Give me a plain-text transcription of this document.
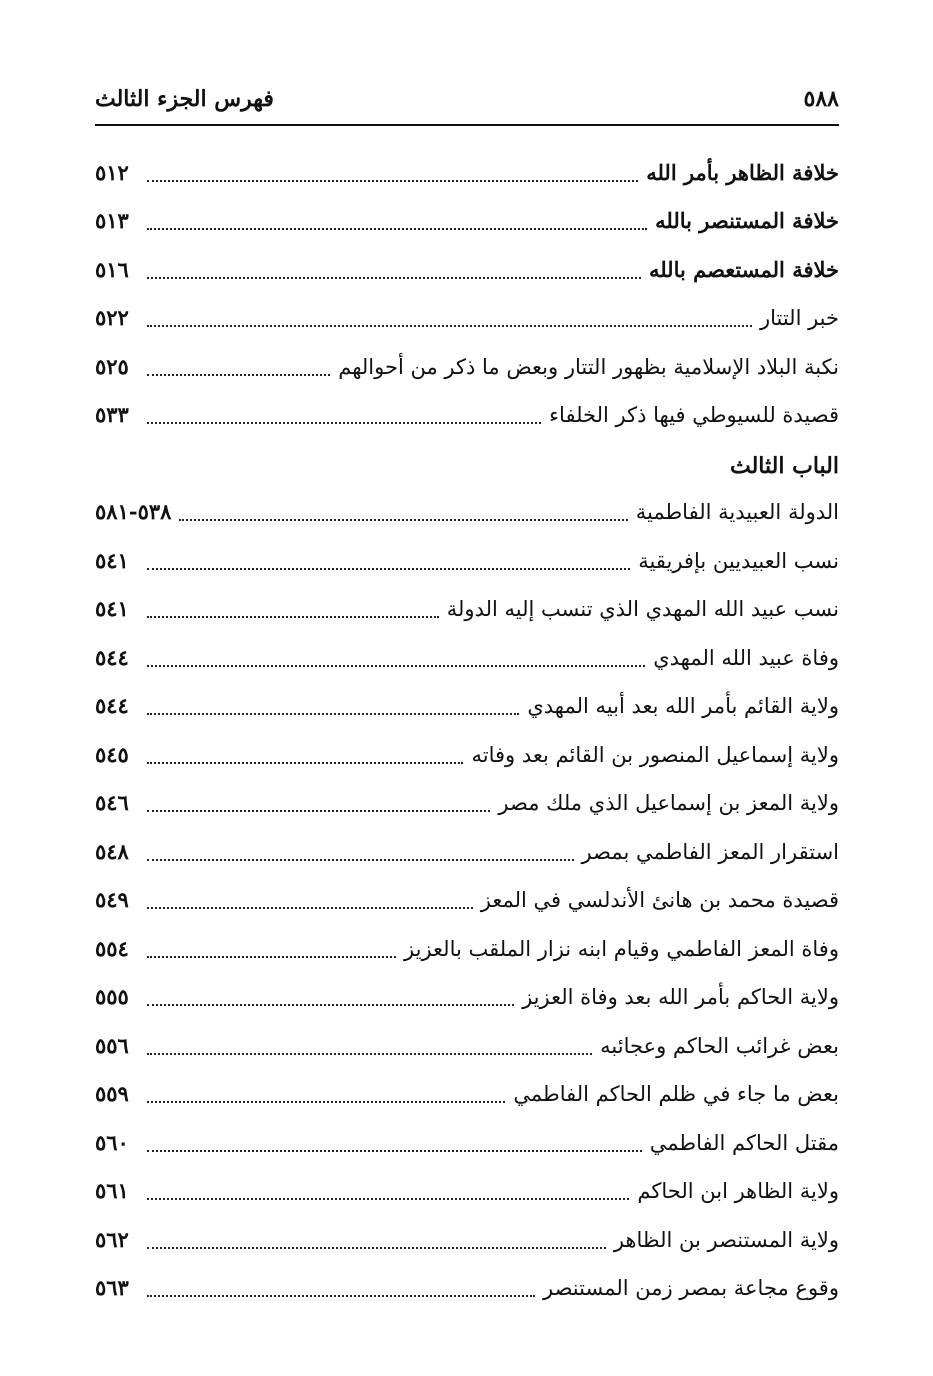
٥٨٨
فهرس الجزء الثالث
خلافة الظاهر بأمر الله
٥١٢
خلافة المستنصر بالله
٥١٣
خلافة المستعصم بالله
٥١٦
خبر التتار
٥٢٢
نكبة البلاد الإسلامية بظهور التتار وبعض ما ذكر من أحوالهم
٥٢٥
قصيدة للسيوطي فيها ذكر الخلفاء
٥٣٣
الباب الثالث
الدولة العبيدية الفاطمية
٥٣٨-٥٨١
نسب العبيديين بإفريقية
٥٤١
نسب عبيد الله المهدي الذي تنسب إليه الدولة
٥٤١
وفاة عبيد الله المهدي
٥٤٤
ولاية القائم بأمر الله بعد أبيه المهدي
٥٤٤
ولاية إسماعيل المنصور بن القائم بعد وفاته
٥٤٥
ولاية المعز بن إسماعيل الذي ملك مصر
٥٤٦
استقرار المعز الفاطمي بمصر
٥٤٨
قصيدة محمد بن هانئ الأندلسي في المعز
٥٤٩
وفاة المعز الفاطمي وقيام ابنه نزار الملقب بالعزيز
٥٥٤
ولاية الحاكم بأمر الله بعد وفاة العزيز
٥٥٥
بعض غرائب الحاكم وعجائبه
٥٥٦
بعض ما جاء في ظلم الحاكم الفاطمي
٥٥٩
مقتل الحاكم الفاطمي
٥٦٠
ولاية الظاهر ابن الحاكم
٥٦١
ولاية المستنصر بن الظاهر
٥٦٢
وقوع مجاعة بمصر زمن المستنصر
٥٦٣
